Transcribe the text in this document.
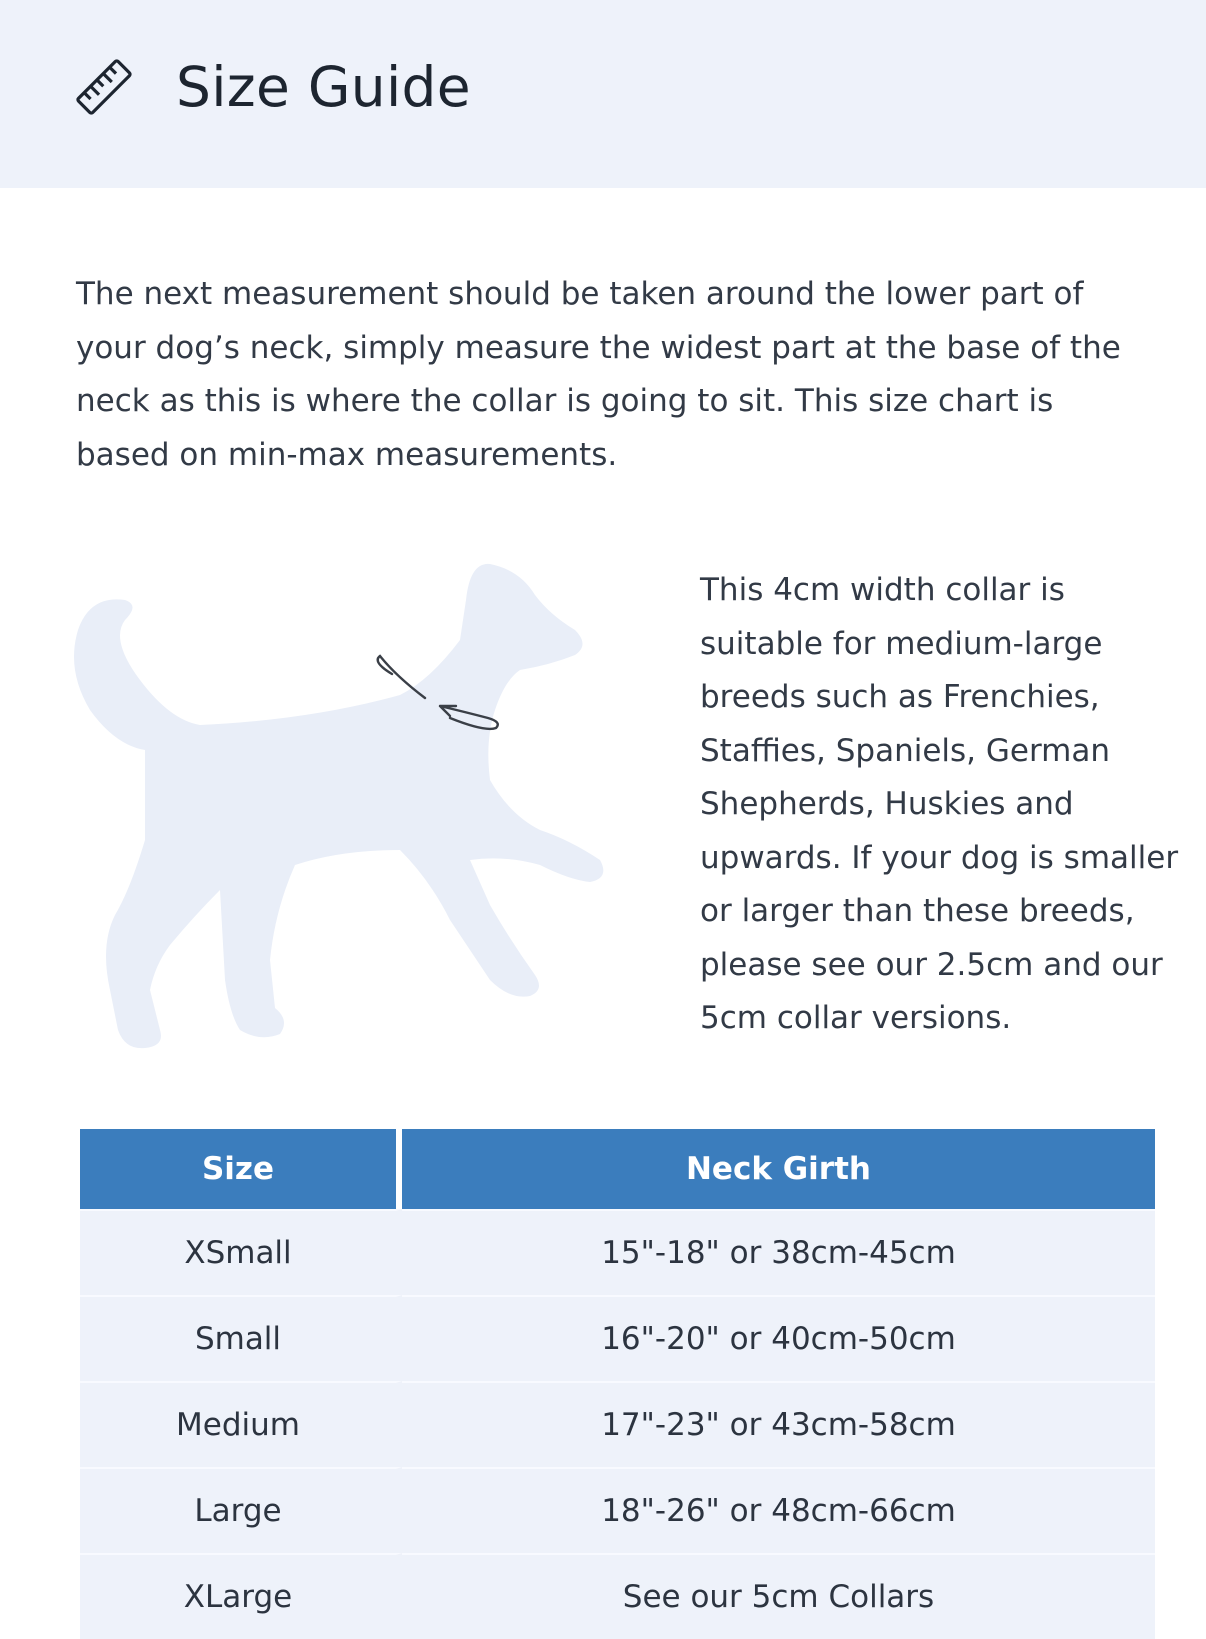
Size Guide

The next measurement should be taken around the lower part of your dog’s neck, simply measure the widest part at the base of the neck as this is where the collar is going to sit. This size chart is based on min-max measurements.

This 4cm width collar is suitable for medium-large breeds such as Frenchies, Staffies, Spaniels, German Shepherds, Huskies and upwards. If your dog is smaller or larger than these breeds, please see our 2.5cm and our 5cm collar versions.

Size	Neck Girth
XSmall	15"-18" or 38cm-45cm
Small	16"-20" or 40cm-50cm
Medium	17"-23" or 43cm-58cm
Large	18"-26" or 48cm-66cm
XLarge	See our 5cm Collars
